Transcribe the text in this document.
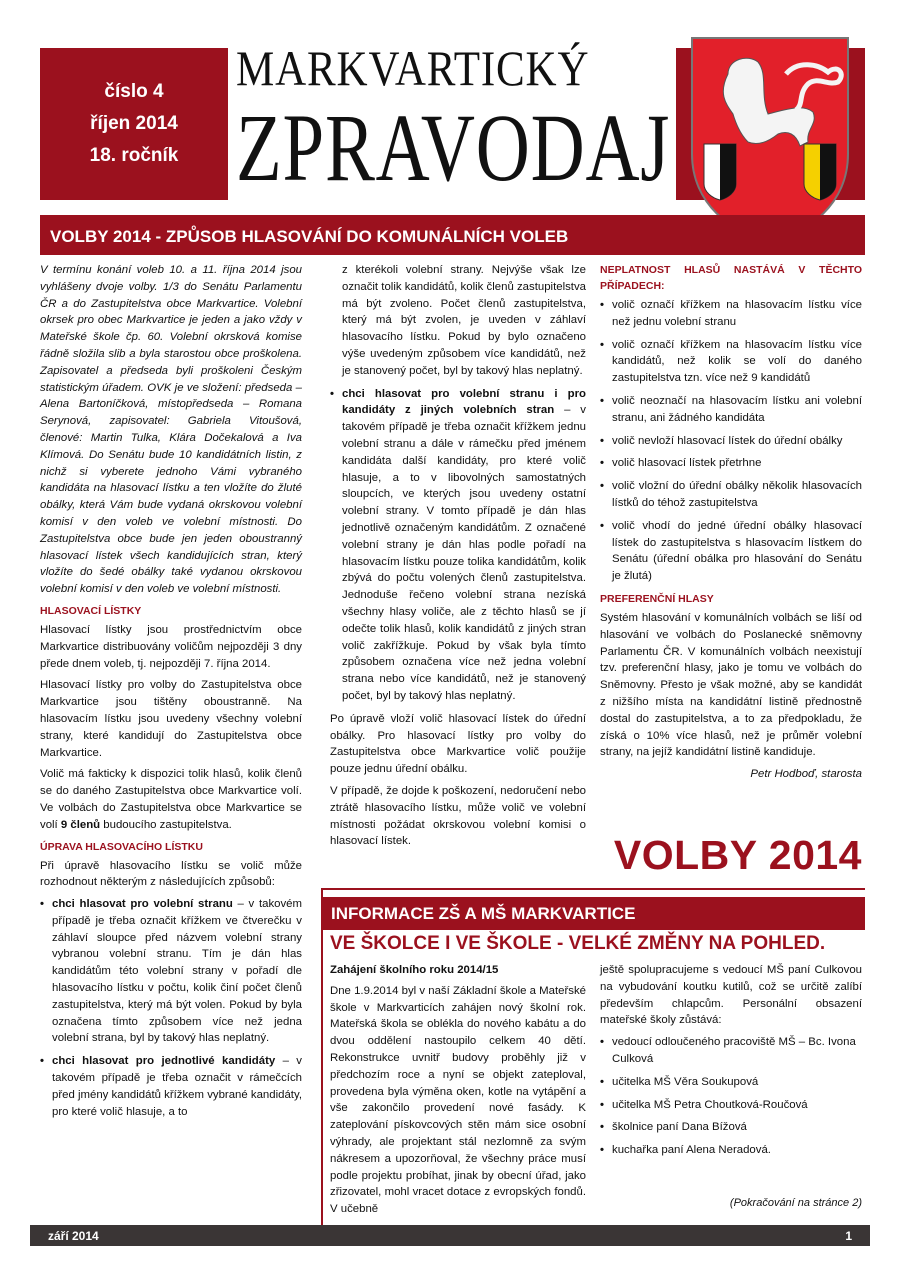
číslo 4
říjen 2014
18. ročník
MARKVARTICKÝ
ZPRAVODAJ
VOLBY 2014 - ZPŮSOB HLASOVÁNÍ DO KOMUNÁLNÍCH VOLEB

V termínu konání voleb 10. a 11. října 2014 jsou vyhlášeny dvoje volby. 1/3 do Senátu Parlamentu ČR a do Zastupitelstva obce Markvartice. Volební okrsek pro obec Markvartice je jeden a jako vždy v Mateřské škole čp. 60. Volební okrsková komise řádně složila slib a byla starostou obce proškolena. Zapisovatel a předseda byli proškoleni Českým statistickým úřadem. OVK je ve složení: předseda – Alena Bartoníčková, místopředseda – Romana Serynová, zapisovatel: Gabriela Vitoušová, členové: Martin Tulka, Klára Dočekalová a Iva Klímová. Do Senátu bude 10 kandidátních listin, z nichž si vyberete jednoho Vámi vybraného kandidáta na hlasovací lístku a ten vložíte do žluté obálky, která Vám bude vydaná okrskovou volební komisí v den voleb ve volební místnosti. Do Zastupitelstva obce bude jen jeden oboustranný hlasovací lístek všech kandidujících stran, který vložíte do šedé obálky také vydanou okrskovou volební komisí v den voleb ve volební místnosti.

HLASOVACÍ LÍSTKY

Hlasovací lístky jsou prostřednictvím obce Markvartice distribuovány voličům nejpozději 3 dny přede dnem voleb, tj. nejpozději 7. října 2014.

Hlasovací lístky pro volby do Zastupitelstva obce Markvartice jsou tištěny oboustranně. Na hlasovacím lístku jsou uvedeny všechny volební strany, které kandidují do Zastupitelstva obce Markvartice.

Volič má fakticky k dispozici tolik hlasů, kolik členů se do daného Zastupitelstva obce Markvartice volí. Ve volbách do Zastupitelstva obce Markvartice se volí 9 členů budoucího zastupitelstva.

ÚPRAVA HLASOVACÍHO LÍSTKU

Při úpravě hlasovacího lístku se volič může rozhodnout některým z následujících způsobů:

• chci hlasovat pro volební stranu – v takovém případě je třeba označit křížkem ve čtverečku v záhlaví sloupce před názvem volební strany vybranou volební stranu. Tím je dán hlas kandidátům této volební strany v pořadí dle hlasovacího lístku v počtu, kolik činí počet členů zastupitelstva, který má být volen. Pokud by byla označena tímto způsobem více než jedna volební strana, byl by takový hlas neplatný.
• chci hlasovat pro jednotlivé kandidáty – v takovém případě je třeba označit v rámečcích před jmény kandidátů křížkem vybrané kandidáty, pro které volič hlasuje, a to
z kterékoli volební strany. Nejvýše však lze označit tolik kandidátů, kolik členů zastupitelstva má být zvoleno. Počet členů zastupitelstva, který má být zvolen, je uveden v záhlaví hlasovacího lístku. Pokud by bylo označeno výše uvedeným způsobem více kandidátů, než je stanovený počet, byl by takový hlas neplatný.
• chci hlasovat pro volební stranu i pro kandidáty z jiných volebních stran – v takovém případě je třeba označit křížkem jednu volební stranu a dále v rámečku před jménem kandidáta další kandidáty, pro které volič hlasuje, a to v libovolných samostatných sloupcích, ve kterých jsou uvedeny ostatní volební strany. V tomto případě je dán hlas jednotlivě označeným kandidátům. Z označené volební strany je dán hlas podle pořadí na hlasovacím lístku pouze tolika kandidátům, kolik zbývá do počtu volených členů zastupitelstva. Jednoduše řečeno volební strana nezíská všechny hlasy voliče, ale z těchto hlasů se jí odečte tolik hlasů, kolik kandidátů z jiných stran volič zakřížkuje. Pokud by však byla tímto způsobem označena více než jedna volební strana nebo více kandidátů, než je stanovený počet, byl by takový hlas neplatný.

Po úpravě vloží volič hlasovací lístek do úřední obálky. Pro hlasovací lístky pro volby do Zastupitelstva obce Markvartice volič použije pouze jednu úřední obálku.

V případě, že dojde k poškození, nedoručení nebo ztrátě hlasovacího lístku, může volič ve volební místnosti požádat okrskovou volební komisi o hlasovací lístek.

NEPLATNOST HLASŮ NASTÁVÁ V TĚCHTO PŘÍPADECH:
• volič označí křížkem na hlasovacím lístku více než jednu volební stranu
• volič označí křížkem na hlasovacím lístku více kandidátů, než kolik se volí do daného zastupitelstva tzn. více než 9 kandidátů
• volič neoznačí na hlasovacím lístku ani volební stranu, ani žádného kandidáta
• volič nevloží hlasovací lístek do úřední obálky
• volič hlasovací lístek přetrhne
• volič vložní do úřední obálky několik hlasovacích lístků do téhož zastupitelstva
• volič vhodí do jedné úřední obálky hlasovací lístek do zastupitelstva s hlasovacím lístkem do Senátu (úřední obálka pro hlasování do Senátu je žlutá)
PREFERENČNÍ HLASY

Systém hlasování v komunálních volbách se liší od hlasování ve volbách do Poslanecké sněmovny Parlamentu ČR. V komunálních volbách neexistují tzv. preferenční hlasy, jako je tomu ve volbách do Sněmovny. Přesto je však možné, aby se kandidát z nižšího místa na kandidátní listině přednostně dostal do zastupitelstva, a to za předpokladu, že získá o 10% více hlasů, než je průměr volební strany, na jejíž kandidátní listině kandiduje.

Petr Hodboď, starosta

VOLBY 2014
INFORMACE ZŠ A MŠ MARKVARTICE
VE ŠKOLCE I VE ŠKOLE - VELKÉ ZMĚNY NA POHLED.

Zahájení školního roku 2014/15

Dne 1.9.2014 byl v naší Základní škole a Mateřské škole v Markvarticích zahájen nový školní rok. Mateřská škola se oblékla do nového kabátu a do dvou oddělení nastoupilo celkem 40 dětí. Rekonstrukce uvnitř budovy proběhly již v předchozím roce a nyní se objekt zateploval, provedena byla výměna oken, kotle na vytápění a vše zakončilo provedení nové fasády. K zateplování pískovcových stěn mám sice osobní výhrady, ale projektant stál nezlomně za svým nákresem a upozorňoval, že všechny práce musí podle projektu probíhat, jinak by obecní úřad, jako zřizovatel, mohl vracet dotace z evropských fondů. V učebně

ještě spolupracujeme s vedoucí MŠ paní Culkovou na vybudování koutku kutilů, což se určitě zalíbí především chlapcům. Personální obsazení mateřské školy zůstává:

• vedoucí odloučeného pracoviště MŠ – Bc. Ivona Culková
• učitelka MŠ Věra Soukupová
• učitelka MŠ Petra Choutková-Roučová
• školnice paní Dana Bížová
• kuchařka paní Alena Neradová.
(Pokračování na stránce 2)
září 2014	1
